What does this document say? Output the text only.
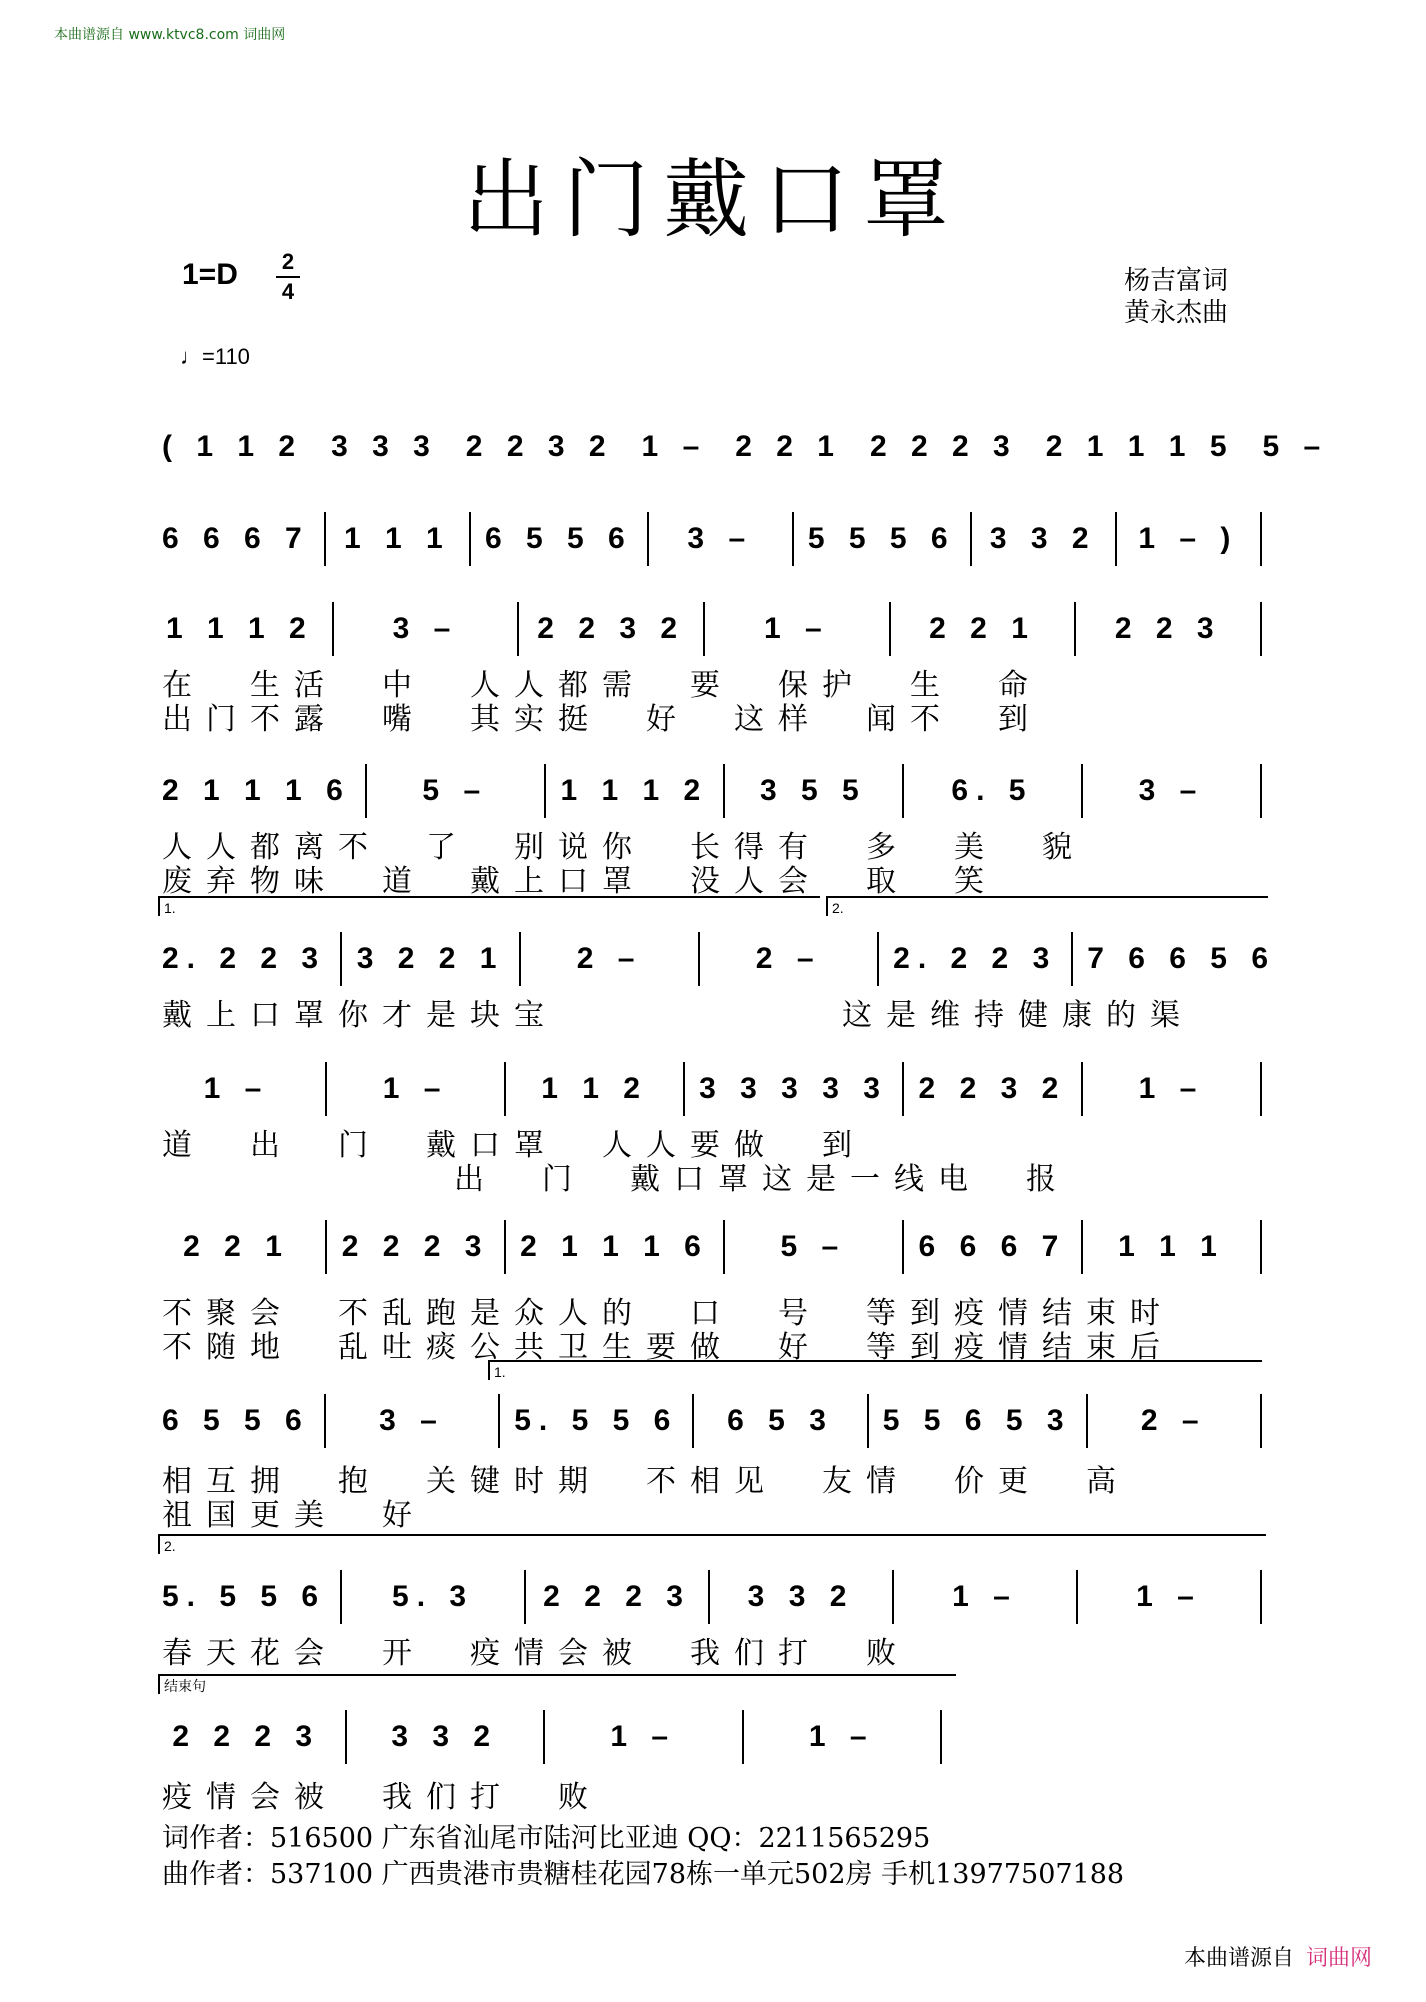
本曲谱源自 www.ktvc8.com 词曲网
出门戴口罩
1=D 2
4
♩=110
杨吉富词
黄永杰曲
( 1 1 2 3 3 3 2 2 3 2 1 – 2 2 1 2 2 2 3 2 1 1 1 5 5 –
6 6 6 7 1 1 1 6 5 5 6	3 –	5 5 5 6 3 3 2 1 – )
1 1 1 2	3 –	2 2 3 2	1 –	2 2 1	2 2 3
在　生活　中　人人都需　要　保护　生　命
出门不露　嘴　其实挺　好　这样　闻不　到
2 1 1 1 6	5 –	1 1 1 2	3 5 5	6. 5	3 –
人人都离不　了　别说你　长得有　多　美　貌
废弃物味　道　戴上口罩　没人会　取　笑
1.	2.
2. 2 2 3 3 2 2 1	2 –	2 –	2. 2 2 3 7 6 6 5 6
戴上口罩你才是块宝	这是维持健康的渠
1 –	1 –	1 1 2	3 3 3 3 3 2 2 3 2	1 –
道　出　门　戴口罩　人人要做　到
出　门　戴口罩这是一线电　报
2 2 1	2 2 2 3 2 1 1 1 6	5 –	6 6 6 7	1 1 1
不聚会　不乱跑是众人的　口　号　等到疫情结束时
不随地　乱吐痰公共卫生要做　好　等到疫情结束后
1.
6 5 5 6	3 –	5. 5 5 6	6 5 3	5 5 6 5 3	2 –
相互拥　抱　关键时期　不相见　友情　价更　高
祖国更美　好
2.
5. 5 5 6	5. 3	2 2 2 3	3 3 2	1 –	1 –
春天花会　开　疫情会被　我们打　败
结束句
2 2 2 3	3 3 2	1 –	1 –
疫情会被　我们打　败
词作者：516500 广东省汕尾市陆河比亚迪 QQ：2211565295
曲作者：537100 广西贵港市贵糖桂花园78栋一单元502房 手机13977507188
本曲谱源自 词曲网
